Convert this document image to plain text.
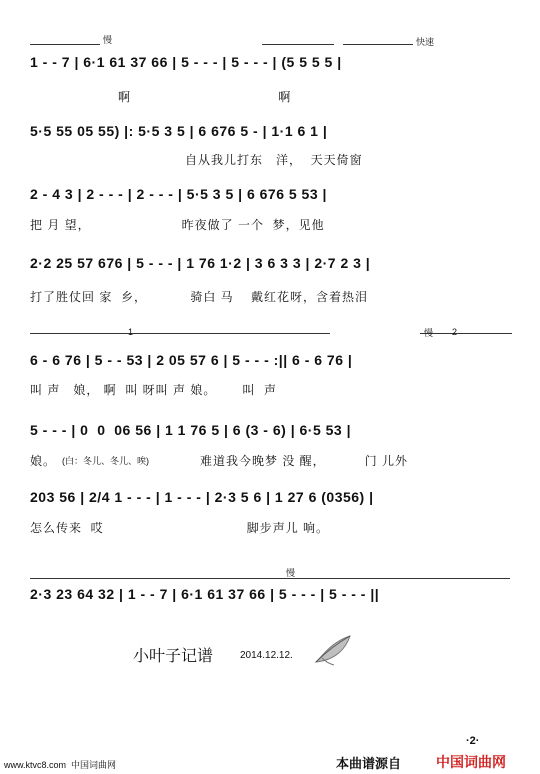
慢	快速
1 - - 7 | 6·1 61 37 66 | 5 - - - | 5 - - - | (5 5 5 5 |
啊                                  啊
5·5 55 05 55) |: 5·5 3 5 | 6 676 5 - | 1·1 6 1 |
自从我儿打东   洋，  天天倚窗
2 - 4 3 | 2 - - - | 2 - - - | 5·5 3 5 | 6 676 5 53 |
把 月 望，                     昨夜做了 一个  梦，见他
2·2 25 57 676 | 5 - - - | 1 76 1·2 | 3 6 3 3 | 2·7 2 3 |
打了胜仗回 家  乡，          骑白 马    戴红花呀，含着热泪
1	慢 2
6 - 6 76 | 5 - - 53 | 2 05 57 6 | 5 - - - :|| 6 - 6 76 |
叫 声   娘， 啊  叫 呀叫 声 娘。      叫  声
5 - - - | 0  0  06 56 | 1 1 76 5 | 6 (3 - 6) | 6·5 53 |
娘。 (白：冬儿、冬儿、唉)	难道我今晚梦 没 醒，         门 儿外
203 56 | 2/4 1 - - - | 1 - - - | 2·3 5 6 | 1 27 6 (0356) |
怎么传来  哎                                 脚步声儿 响。
慢
2·3 23 64 32 | 1 - - 7 | 6·1 61 37 66 | 5 - - - | 5 - - - ||
小叶子记谱	2014.12.12.
·2·
www.ktvc8.com  中国词曲网	本曲谱源自 中国词曲网
